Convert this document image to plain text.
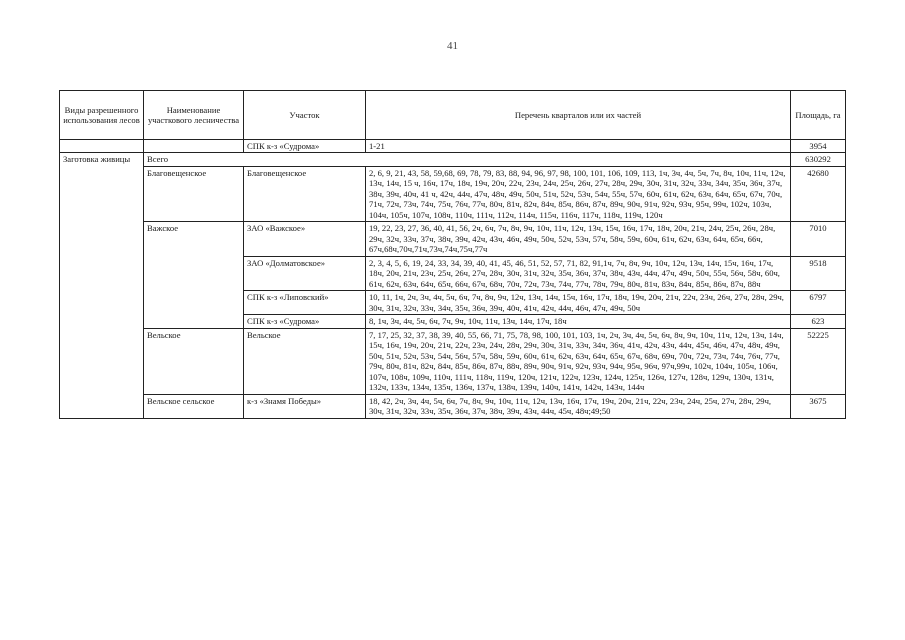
41
Виды разрешенного использования лесов	Наименование участкового лесничества	Участок	Перечень кварталов или их частей	Площадь, га
		СПК к-з «Судрома»	1-21	3954
Заготовка живицы	Всего			630292
	Благовещенское	Благовещенское	2, 6, 9, 21, 43, 58, 59,68, 69, 78, 79, 83, 88, 94, 96, 97, 98, 100, 101, 106, 109, 113, 1ч, 3ч, 4ч, 5ч, 7ч, 8ч, 10ч, 11ч, 12ч, 13ч, 14ч, 15 ч, 16ч, 17ч, 18ч, 19ч, 20ч, 22ч, 23ч, 24ч, 25ч, 26ч, 27ч, 28ч, 29ч, 30ч, 31ч, 32ч, 33ч, 34ч, 35ч, 36ч, 37ч, 38ч, 39ч, 40ч, 41 ч, 42ч, 44ч, 47ч, 48ч, 49ч, 50ч, 51ч, 52ч, 53ч, 54ч, 55ч, 57ч, 60ч, 61ч, 62ч, 63ч, 64ч, 65ч, 67ч, 70ч, 71ч, 72ч, 73ч, 74ч, 75ч, 76ч, 77ч, 80ч, 81ч, 82ч, 84ч, 85ч, 86ч, 87ч, 89ч, 90ч, 91ч, 92ч, 93ч, 95ч, 99ч, 102ч, 103ч, 104ч, 105ч, 107ч, 108ч, 110ч, 111ч, 112ч, 114ч, 115ч, 116ч, 117ч, 118ч, 119ч, 120ч	42680
	Важское	ЗАО «Важское»	19, 22, 23, 27, 36, 40, 41, 56, 2ч, 6ч, 7ч, 8ч, 9ч, 10ч, 11ч, 12ч, 13ч, 15ч, 16ч, 17ч, 18ч, 20ч, 21ч, 24ч, 25ч, 26ч, 28ч, 29ч, 32ч, 33ч, 37ч, 38ч, 39ч, 42ч, 43ч, 46ч, 49ч, 50ч, 52ч, 53ч, 57ч, 58ч, 59ч, 60ч, 61ч, 62ч, 63ч, 64ч, 65ч, 66ч, 67ч,68ч,70ч,71ч,73ч,74ч,75ч,77ч	7010
		ЗАО «Долматовское»	2, 3, 4, 5, 6, 19, 24, 33, 34, 39, 40, 41, 45, 46, 51, 52, 57, 71, 82, 91,1ч, 7ч, 8ч, 9ч, 10ч, 12ч, 13ч, 14ч, 15ч, 16ч, 17ч, 18ч, 20ч, 21ч, 23ч, 25ч, 26ч, 27ч, 28ч, 30ч, 31ч, 32ч, 35ч, 36ч, 37ч, 38ч, 43ч, 44ч, 47ч, 49ч, 50ч, 55ч, 56ч, 58ч, 60ч, 61ч, 62ч, 63ч, 64ч, 65ч, 66ч, 67ч, 68ч, 70ч, 72ч, 73ч, 74ч, 77ч, 78ч, 79ч, 80ч, 81ч, 83ч, 84ч, 85ч, 86ч, 87ч, 88ч	9518
		СПК к-з «Липовский»	10, 11, 1ч, 2ч, 3ч, 4ч, 5ч, 6ч, 7ч, 8ч, 9ч, 12ч, 13ч, 14ч, 15ч, 16ч, 17ч, 18ч, 19ч, 20ч, 21ч, 22ч, 23ч, 26ч, 27ч, 28ч, 29ч, 30ч, 31ч, 32ч, 33ч, 34ч, 35ч, 36ч, 39ч, 40ч, 41ч, 42ч, 44ч, 46ч, 47ч, 49ч, 50ч	6797
		СПК к-з «Судрома»	8, 1ч, 3ч, 4ч, 5ч, 6ч, 7ч, 9ч, 10ч, 11ч, 13ч, 14ч, 17ч, 18ч	623
	Вельское	Вельское	7, 17, 25, 32, 37, 38, 39, 40, 55, 66, 71, 75, 78, 98, 100, 101, 103, 1ч, 2ч, 3ч, 4ч, 5ч, 6ч, 8ч, 9ч, 10ч, 11ч, 12ч, 13ч, 14ч, 15ч, 16ч, 19ч, 20ч, 21ч, 22ч, 23ч, 24ч, 28ч, 29ч, 30ч, 31ч, 33ч, 34ч, 36ч, 41ч, 42ч, 43ч, 44ч, 45ч, 46ч, 47ч, 48ч, 49ч, 50ч, 51ч, 52ч, 53ч, 54ч, 56ч, 57ч, 58ч, 59ч, 60ч, 61ч, 62ч, 63ч, 64ч, 65ч, 67ч, 68ч, 69ч, 70ч, 72ч, 73ч, 74ч, 76ч, 77ч, 79ч, 80ч, 81ч, 82ч, 84ч, 85ч, 86ч, 87ч, 88ч, 89ч, 90ч, 91ч, 92ч, 93ч, 94ч, 95ч, 96ч, 97ч,99ч, 102ч, 104ч, 105ч, 106ч, 107ч, 108ч, 109ч, 110ч, 111ч, 118ч, 119ч, 120ч, 121ч, 122ч, 123ч, 124ч, 125ч, 126ч, 127ч, 128ч, 129ч, 130ч, 131ч, 132ч, 133ч, 134ч, 135ч, 136ч, 137ч, 138ч, 139ч, 140ч, 141ч, 142ч, 143ч, 144ч	52225
	Вельское сельское	к-з «Знамя Победы»	18, 42, 2ч, 3ч, 4ч, 5ч, 6ч, 7ч, 8ч, 9ч, 10ч, 11ч, 12ч, 13ч, 16ч, 17ч, 19ч, 20ч, 21ч, 22ч, 23ч, 24ч, 25ч, 27ч, 28ч, 29ч, 30ч, 31ч, 32ч, 33ч, 35ч, 36ч, 37ч, 38ч, 39ч, 43ч, 44ч, 45ч, 48ч;49;50	3675
